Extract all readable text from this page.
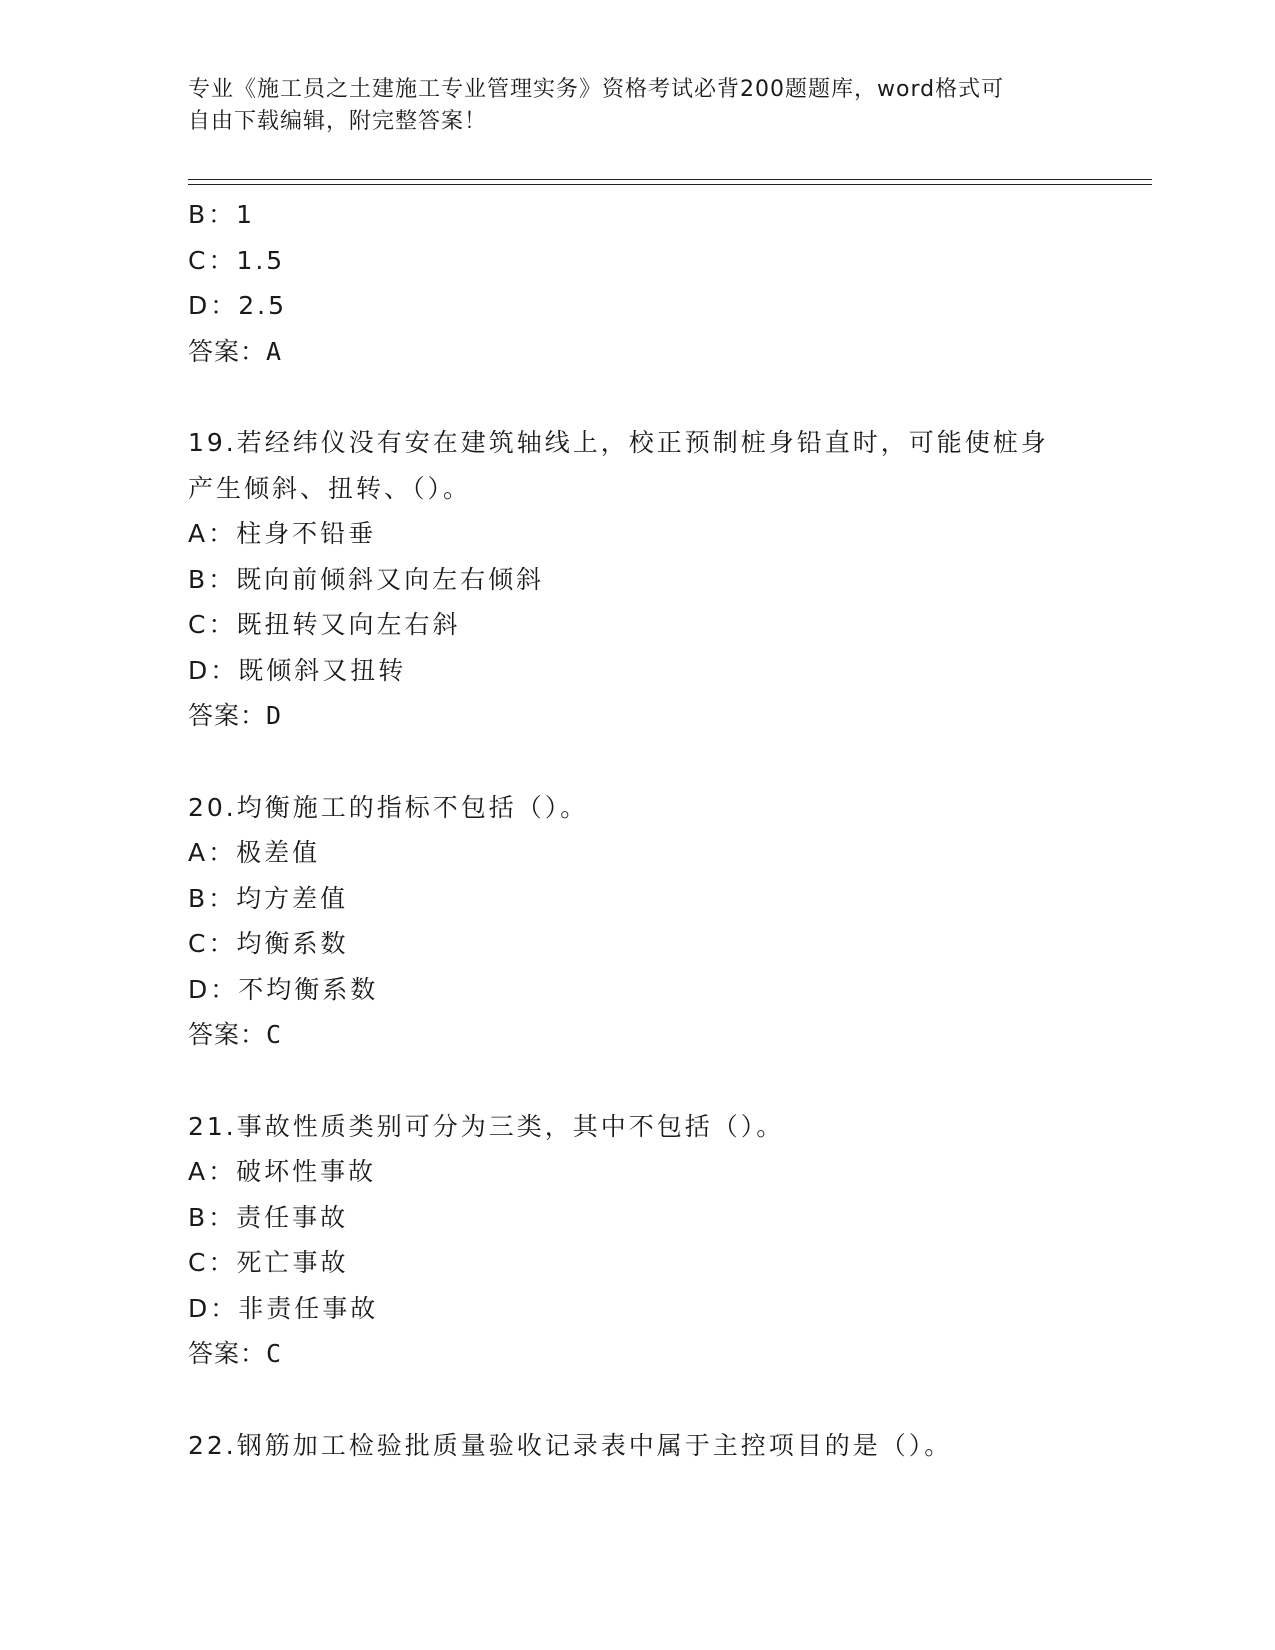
专业《施工员之土建施工专业管理实务》资格考试必背200题题库，word格式可
自由下载编辑，附完整答案！
B：1
C：1.5
D：2.5
答案：A
19.若经纬仪没有安在建筑轴线上，校正预制桩身铅直时，可能使桩身
产生倾斜、扭转、（）。
A：柱身不铅垂
B：既向前倾斜又向左右倾斜
C：既扭转又向左右斜
D：既倾斜又扭转
答案：D
20.均衡施工的指标不包括（）。
A：极差值
B：均方差值
C：均衡系数
D：不均衡系数
答案：C
21.事故性质类别可分为三类，其中不包括（）。
A：破坏性事故
B：责任事故
C：死亡事故
D：非责任事故
答案：C
22.钢筋加工检验批质量验收记录表中属于主控项目的是（）。
